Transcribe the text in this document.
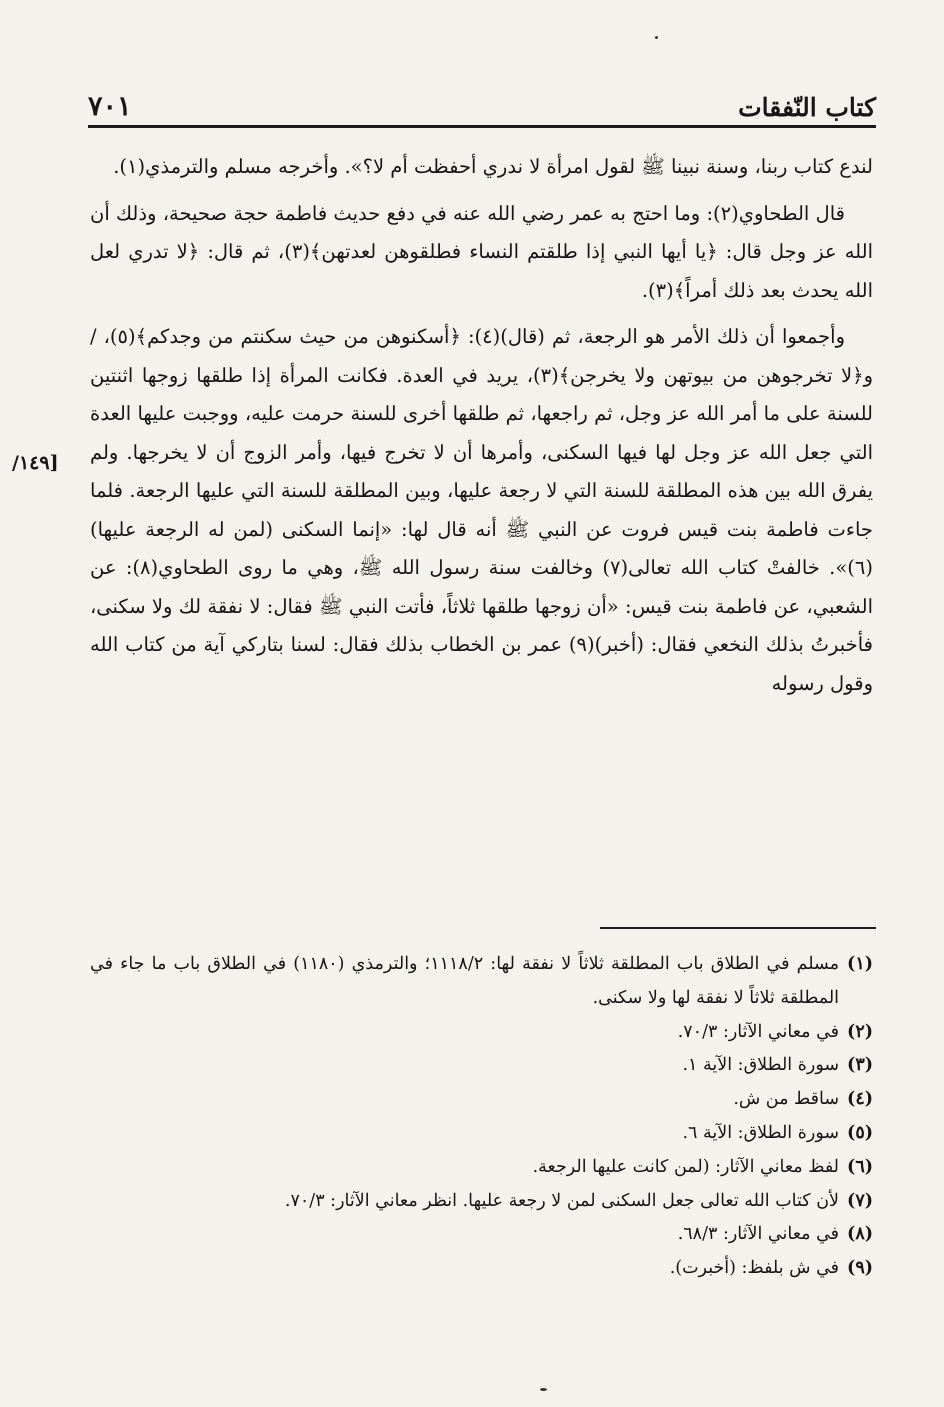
٧٠١	كتاب النّفقات
[١٤٩/

لندع كتاب ربنا، وسنة نبينا ﷺ لقول امرأة لا ندري أحفظت أم لا؟». وأخرجه مسلم والترمذي(١).

قال الطحاوي(٢): وما احتج به عمر رضي الله عنه في دفع حديث فاطمة حجة صحيحة، وذلك أن الله عز وجل قال: ﴿يا أيها النبي إذا طلقتم النساء فطلقوهن لعدتهن﴾(٣)، ثم قال: ﴿لا تدري لعل الله يحدث بعد ذلك أمراً﴾(٣).

وأجمعوا أن ذلك الأمر هو الرجعة، ثم (قال)(٤): ﴿أسكنوهن من حيث سكنتم من وجدكم﴾(٥)، / و﴿لا تخرجوهن من بيوتهن ولا يخرجن﴾(٣)، يريد في العدة. فكانت المرأة إذا طلقها زوجها اثنتين للسنة على ما أمر الله عز وجل، ثم راجعها، ثم طلقها أخرى للسنة حرمت عليه، ووجبت عليها العدة التي جعل الله عز وجل لها فيها السكنى، وأمرها أن لا تخرج فيها، وأمر الزوج أن لا يخرجها. ولم يفرق الله بين هذه المطلقة للسنة التي لا رجعة عليها، وبين المطلقة للسنة التي عليها الرجعة. فلما جاءت فاطمة بنت قيس فروت عن النبي ﷺ أنه قال لها: «إنما السكنى (لمن له الرجعة عليها)(٦)». خالفتْ كتاب الله تعالى(٧) وخالفت سنة رسول الله ﷺ، وهي ما روى الطحاوي(٨): عن الشعبي، عن فاطمة بنت قيس: «أن زوجها طلقها ثلاثاً، فأتت النبي ﷺ فقال: لا نفقة لك ولا سكنى، فأخبرتُ بذلك النخعي فقال: (أخبر)(٩) عمر بن الخطاب بذلك فقال: لسنا بتاركي آية من كتاب الله وقول رسوله

(١)
مسلم في الطلاق باب المطلقة ثلاثاً لا نفقة لها: ١١١٨/٢؛ والترمذي (١١٨٠) في الطلاق باب ما جاء في المطلقة ثلاثاً لا نفقة لها ولا سكنى.
(٢)
في معاني الآثار: ٧٠/٣.
(٣)
سورة الطلاق: الآية ١.
(٤)
ساقط من ش.
(٥)
سورة الطلاق: الآية ٦.
(٦)
لفظ معاني الآثار: (لمن كانت عليها الرجعة.
(٧)
لأن كتاب الله تعالى جعل السكنى لمن لا رجعة عليها. انظر معاني الآثار: ٧٠/٣.
(٨)
في معاني الآثار: ٦٨/٣.
(٩)
في ش بلفظ: (أخبرت).
